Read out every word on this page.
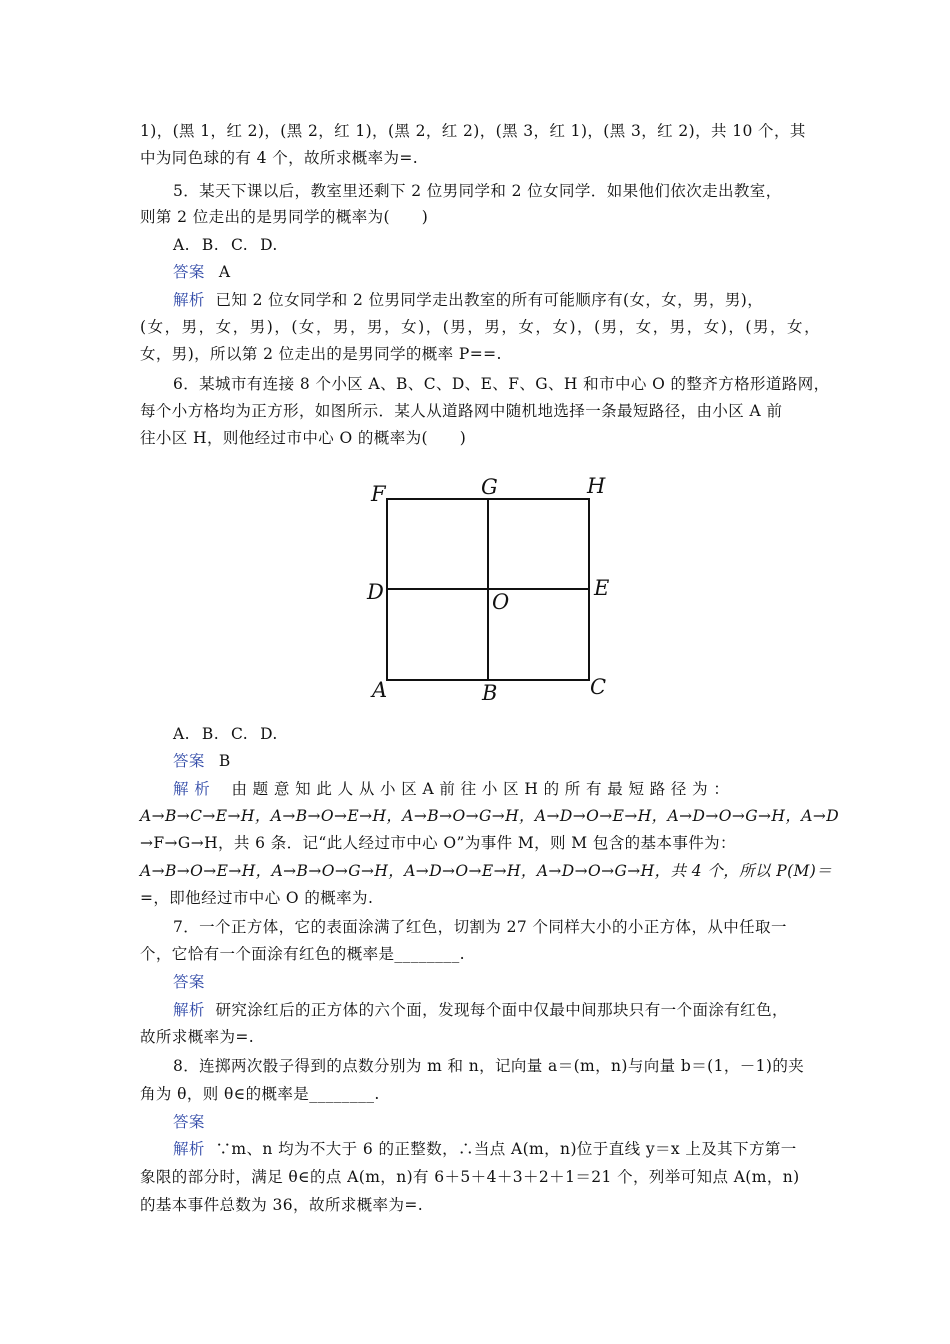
1)，(黑 1，红 2)，(黑 2，红 1)，(黑 2，红 2)，(黑 3，红 1)，(黑 3，红 2)，共 10 个，其
中为同色球的有 4 个，故所求概率为=.
5．某天下课以后，教室里还剩下 2 位男同学和 2 位女同学．如果他们依次走出教室，
则第 2 位走出的是男同学的概率为(　　)
A. B. C. D.
答案 A
解析 已知 2 位女同学和 2 位男同学走出教室的所有可能顺序有(女，女，男，男)，
(女，男，女，男)，(女，男，男，女)，(男，男，女，女)，(男，女，男，女)，(男，女，
女，男)，所以第 2 位走出的是男同学的概率 P==.
6．某城市有连接 8 个小区 A、B、C、D、E、F、G、H 和市中心 O 的整齐方格形道路网，
每个小方格均为正方形，如图所示．某人从道路网中随机地选择一条最短路径，由小区 A 前
往小区 H，则他经过市中心 O 的概率为(　　)
F	G	H
D	O
E
A	B	C
A. B. C. D.
答案 B
解 析 由 题 意 知 此 人 从 小 区 A 前 往 小 区 H 的 所 有 最 短 路 径 为 ：
A→B→C→E→H，A→B→O→E→H，A→B→O→G→H，A→D→O→E→H，A→D→O→G→H，A→D
→F→G→H，共 6 条．记“此人经过市中心 O”为事件 M，则 M 包含的基本事件为：
A→B→O→E→H，A→B→O→G→H，A→D→O→E→H，A→D→O→G→H，共 4 个，所以 P(M)＝
=，即他经过市中心 O 的概率为.
7．一个正方体，它的表面涂满了红色，切割为 27 个同样大小的小正方体，从中任取一
个，它恰有一个面涂有红色的概率是________.
答案
解析 研究涂红后的正方体的六个面，发现每个面中仅最中间那块只有一个面涂有红色，
故所求概率为=.
8．连掷两次骰子得到的点数分别为 m 和 n，记向量 a＝(m，n)与向量 b＝(1，－1)的夹
角为 θ，则 θ∈的概率是________.
答案
解析 ∵m、n 均为不大于 6 的正整数，∴当点 A(m，n)位于直线 y＝x 上及其下方第一
象限的部分时，满足 θ∈的点 A(m，n)有 6＋5＋4＋3＋2＋1＝21 个，列举可知点 A(m，n)
的基本事件总数为 36，故所求概率为=.
